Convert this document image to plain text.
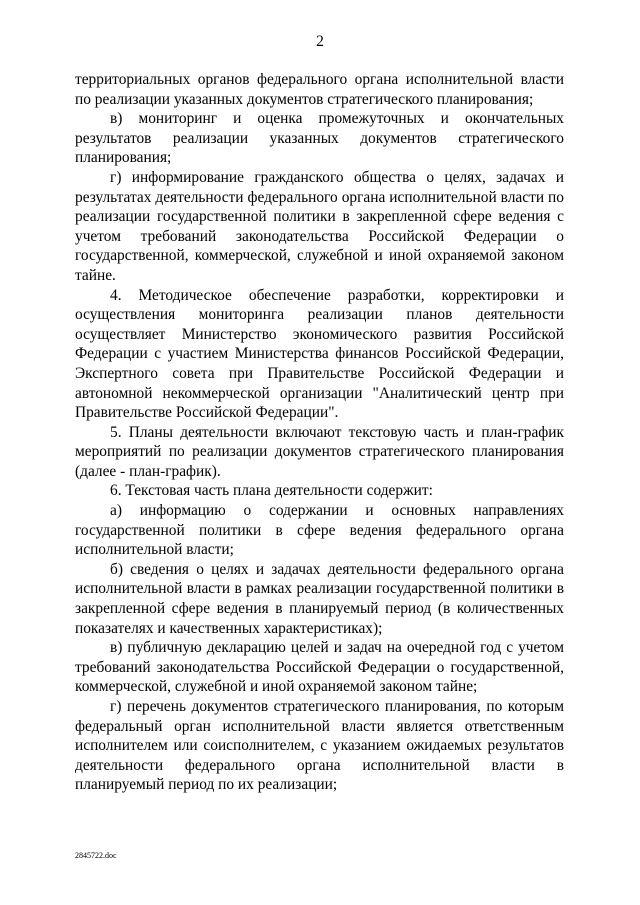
2

территориальных органов федерального органа исполнительной власти по реализации указанных документов стратегического планирования;

в) мониторинг и оценка промежуточных и окончательных результатов реализации указанных документов стратегического планирования;

г) информирование гражданского общества о целях, задачах и результатах деятельности федерального органа исполнительной власти по реализации государственной политики в закрепленной сфере ведения с учетом требований законодательства Российской Федерации о государственной, коммерческой, служебной и иной охраняемой законом тайне.

4. Методическое обеспечение разработки, корректировки и осуществления мониторинга реализации планов деятельности осуществляет Министерство экономического развития Российской Федерации с участием Министерства финансов Российской Федерации, Экспертного совета при Правительстве Российской Федерации и автономной некоммерческой организации "Аналитический центр при Правительстве Российской Федерации".

5. Планы деятельности включают текстовую часть и план-график мероприятий по реализации документов стратегического планирования (далее - план-график).

6. Текстовая часть плана деятельности содержит:

а) информацию о содержании и основных направлениях государственной политики в сфере ведения федерального органа исполнительной власти;

б) сведения о целях и задачах деятельности федерального органа исполнительной власти в рамках реализации государственной политики в закрепленной сфере ведения в планируемый период (в количественных показателях и качественных характеристиках);

в) публичную декларацию целей и задач на очередной год с учетом требований законодательства Российской Федерации о государственной, коммерческой, служебной и иной охраняемой законом тайне;

г) перечень документов стратегического планирования, по которым федеральный орган исполнительной власти является ответственным исполнителем или соисполнителем, с указанием ожидаемых результатов деятельности федерального органа исполнительной власти в планируемый период по их реализации;

2845722.doc
